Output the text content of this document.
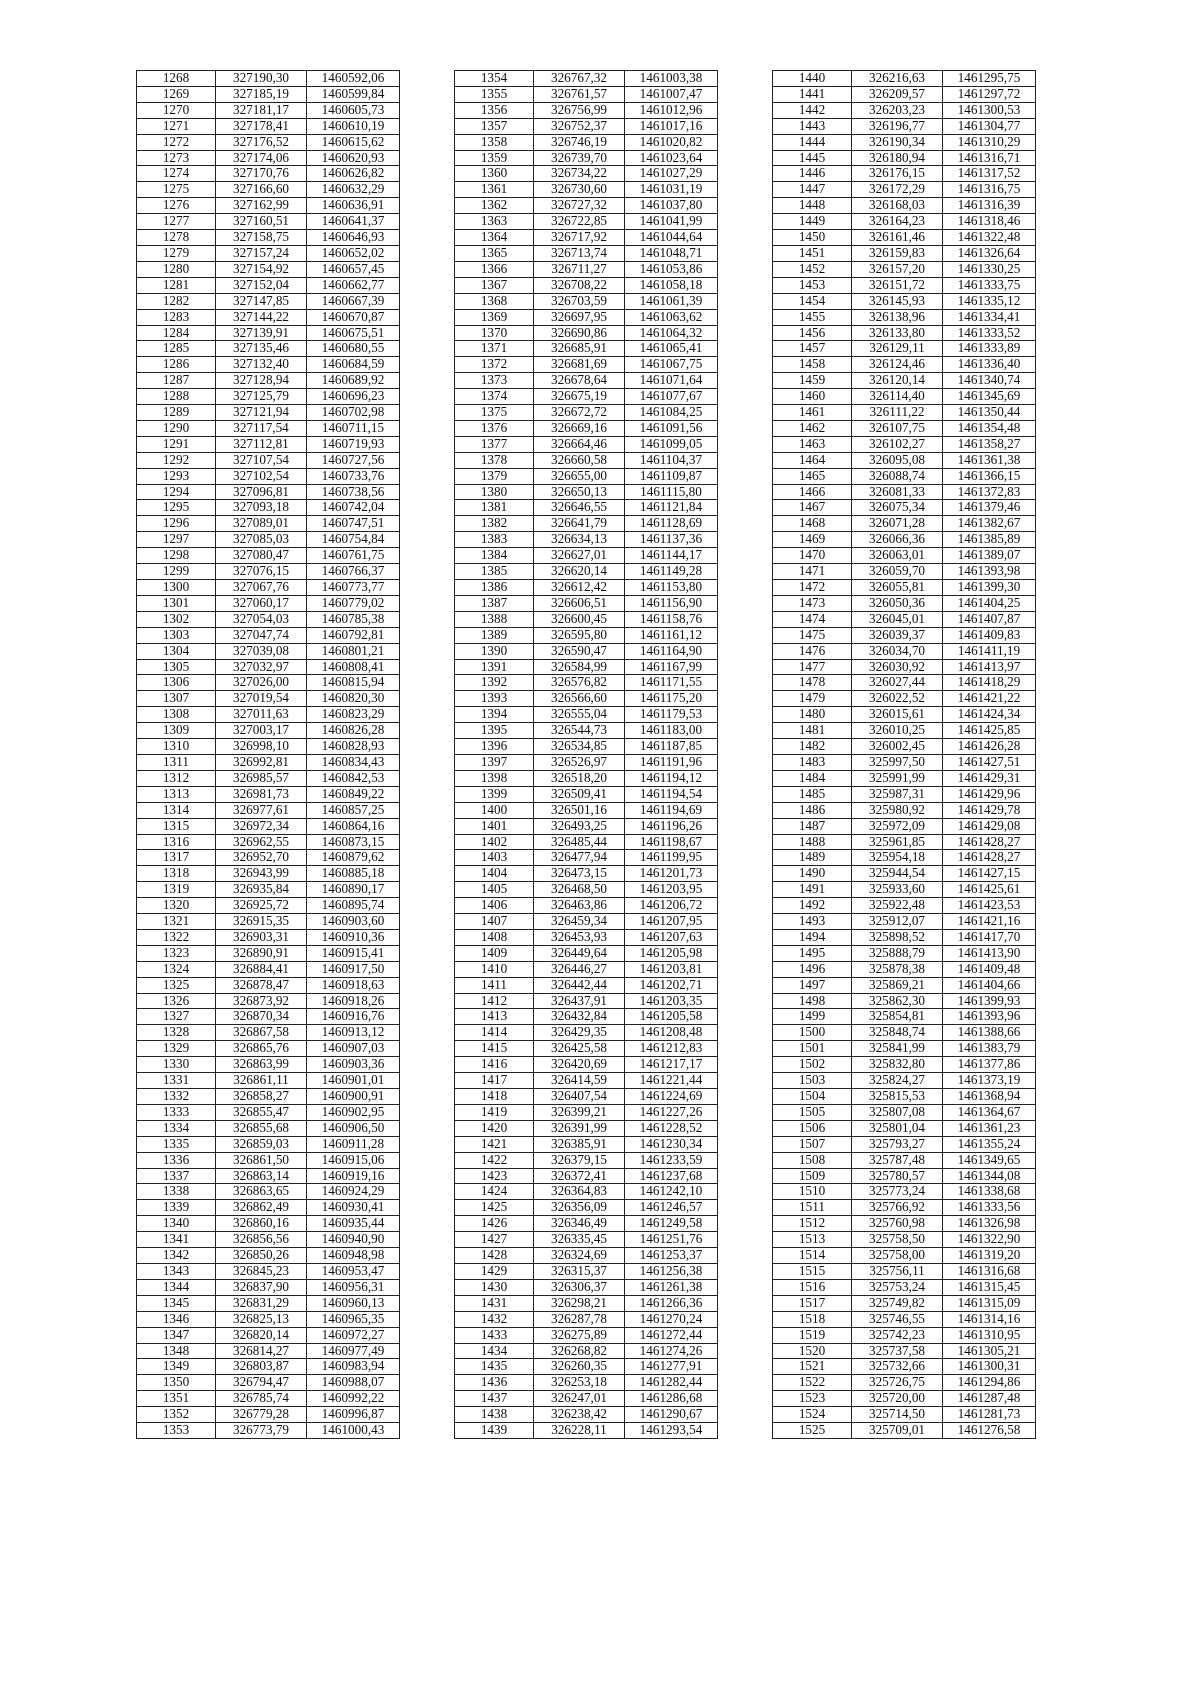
1268	327190,30	1460592,06
1269	327185,19	1460599,84
1270	327181,17	1460605,73
1271	327178,41	1460610,19
1272	327176,52	1460615,62
1273	327174,06	1460620,93
1274	327170,76	1460626,82
1275	327166,60	1460632,29
1276	327162,99	1460636,91
1277	327160,51	1460641,37
1278	327158,75	1460646,93
1279	327157,24	1460652,02
1280	327154,92	1460657,45
1281	327152,04	1460662,77
1282	327147,85	1460667,39
1283	327144,22	1460670,87
1284	327139,91	1460675,51
1285	327135,46	1460680,55
1286	327132,40	1460684,59
1287	327128,94	1460689,92
1288	327125,79	1460696,23
1289	327121,94	1460702,98
1290	327117,54	1460711,15
1291	327112,81	1460719,93
1292	327107,54	1460727,56
1293	327102,54	1460733,76
1294	327096,81	1460738,56
1295	327093,18	1460742,04
1296	327089,01	1460747,51
1297	327085,03	1460754,84
1298	327080,47	1460761,75
1299	327076,15	1460766,37
1300	327067,76	1460773,77
1301	327060,17	1460779,02
1302	327054,03	1460785,38
1303	327047,74	1460792,81
1304	327039,08	1460801,21
1305	327032,97	1460808,41
1306	327026,00	1460815,94
1307	327019,54	1460820,30
1308	327011,63	1460823,29
1309	327003,17	1460826,28
1310	326998,10	1460828,93
1311	326992,81	1460834,43
1312	326985,57	1460842,53
1313	326981,73	1460849,22
1314	326977,61	1460857,25
1315	326972,34	1460864,16
1316	326962,55	1460873,15
1317	326952,70	1460879,62
1318	326943,99	1460885,18
1319	326935,84	1460890,17
1320	326925,72	1460895,74
1321	326915,35	1460903,60
1322	326903,31	1460910,36
1323	326890,91	1460915,41
1324	326884,41	1460917,50
1325	326878,47	1460918,63
1326	326873,92	1460918,26
1327	326870,34	1460916,76
1328	326867,58	1460913,12
1329	326865,76	1460907,03
1330	326863,99	1460903,36
1331	326861,11	1460901,01
1332	326858,27	1460900,91
1333	326855,47	1460902,95
1334	326855,68	1460906,50
1335	326859,03	1460911,28
1336	326861,50	1460915,06
1337	326863,14	1460919,16
1338	326863,65	1460924,29
1339	326862,49	1460930,41
1340	326860,16	1460935,44
1341	326856,56	1460940,90
1342	326850,26	1460948,98
1343	326845,23	1460953,47
1344	326837,90	1460956,31
1345	326831,29	1460960,13
1346	326825,13	1460965,35
1347	326820,14	1460972,27
1348	326814,27	1460977,49
1349	326803,87	1460983,94
1350	326794,47	1460988,07
1351	326785,74	1460992,22
1352	326779,28	1460996,87
1353	326773,79	1461000,43
1354	326767,32	1461003,38
1355	326761,57	1461007,47
1356	326756,99	1461012,96
1357	326752,37	1461017,16
1358	326746,19	1461020,82
1359	326739,70	1461023,64
1360	326734,22	1461027,29
1361	326730,60	1461031,19
1362	326727,32	1461037,80
1363	326722,85	1461041,99
1364	326717,92	1461044,64
1365	326713,74	1461048,71
1366	326711,27	1461053,86
1367	326708,22	1461058,18
1368	326703,59	1461061,39
1369	326697,95	1461063,62
1370	326690,86	1461064,32
1371	326685,91	1461065,41
1372	326681,69	1461067,75
1373	326678,64	1461071,64
1374	326675,19	1461077,67
1375	326672,72	1461084,25
1376	326669,16	1461091,56
1377	326664,46	1461099,05
1378	326660,58	1461104,37
1379	326655,00	1461109,87
1380	326650,13	1461115,80
1381	326646,55	1461121,84
1382	326641,79	1461128,69
1383	326634,13	1461137,36
1384	326627,01	1461144,17
1385	326620,14	1461149,28
1386	326612,42	1461153,80
1387	326606,51	1461156,90
1388	326600,45	1461158,76
1389	326595,80	1461161,12
1390	326590,47	1461164,90
1391	326584,99	1461167,99
1392	326576,82	1461171,55
1393	326566,60	1461175,20
1394	326555,04	1461179,53
1395	326544,73	1461183,00
1396	326534,85	1461187,85
1397	326526,97	1461191,96
1398	326518,20	1461194,12
1399	326509,41	1461194,54
1400	326501,16	1461194,69
1401	326493,25	1461196,26
1402	326485,44	1461198,67
1403	326477,94	1461199,95
1404	326473,15	1461201,73
1405	326468,50	1461203,95
1406	326463,86	1461206,72
1407	326459,34	1461207,95
1408	326453,93	1461207,63
1409	326449,64	1461205,98
1410	326446,27	1461203,81
1411	326442,44	1461202,71
1412	326437,91	1461203,35
1413	326432,84	1461205,58
1414	326429,35	1461208,48
1415	326425,58	1461212,83
1416	326420,69	1461217,17
1417	326414,59	1461221,44
1418	326407,54	1461224,69
1419	326399,21	1461227,26
1420	326391,99	1461228,52
1421	326385,91	1461230,34
1422	326379,15	1461233,59
1423	326372,41	1461237,68
1424	326364,83	1461242,10
1425	326356,09	1461246,57
1426	326346,49	1461249,58
1427	326335,45	1461251,76
1428	326324,69	1461253,37
1429	326315,37	1461256,38
1430	326306,37	1461261,38
1431	326298,21	1461266,36
1432	326287,78	1461270,24
1433	326275,89	1461272,44
1434	326268,82	1461274,26
1435	326260,35	1461277,91
1436	326253,18	1461282,44
1437	326247,01	1461286,68
1438	326238,42	1461290,67
1439	326228,11	1461293,54
1440	326216,63	1461295,75
1441	326209,57	1461297,72
1442	326203,23	1461300,53
1443	326196,77	1461304,77
1444	326190,34	1461310,29
1445	326180,94	1461316,71
1446	326176,15	1461317,52
1447	326172,29	1461316,75
1448	326168,03	1461316,39
1449	326164,23	1461318,46
1450	326161,46	1461322,48
1451	326159,83	1461326,64
1452	326157,20	1461330,25
1453	326151,72	1461333,75
1454	326145,93	1461335,12
1455	326138,96	1461334,41
1456	326133,80	1461333,52
1457	326129,11	1461333,89
1458	326124,46	1461336,40
1459	326120,14	1461340,74
1460	326114,40	1461345,69
1461	326111,22	1461350,44
1462	326107,75	1461354,48
1463	326102,27	1461358,27
1464	326095,08	1461361,38
1465	326088,74	1461366,15
1466	326081,33	1461372,83
1467	326075,34	1461379,46
1468	326071,28	1461382,67
1469	326066,36	1461385,89
1470	326063,01	1461389,07
1471	326059,70	1461393,98
1472	326055,81	1461399,30
1473	326050,36	1461404,25
1474	326045,01	1461407,87
1475	326039,37	1461409,83
1476	326034,70	1461411,19
1477	326030,92	1461413,97
1478	326027,44	1461418,29
1479	326022,52	1461421,22
1480	326015,61	1461424,34
1481	326010,25	1461425,85
1482	326002,45	1461426,28
1483	325997,50	1461427,51
1484	325991,99	1461429,31
1485	325987,31	1461429,96
1486	325980,92	1461429,78
1487	325972,09	1461429,08
1488	325961,85	1461428,27
1489	325954,18	1461428,27
1490	325944,54	1461427,15
1491	325933,60	1461425,61
1492	325922,48	1461423,53
1493	325912,07	1461421,16
1494	325898,52	1461417,70
1495	325888,79	1461413,90
1496	325878,38	1461409,48
1497	325869,21	1461404,66
1498	325862,30	1461399,93
1499	325854,81	1461393,96
1500	325848,74	1461388,66
1501	325841,99	1461383,79
1502	325832,80	1461377,86
1503	325824,27	1461373,19
1504	325815,53	1461368,94
1505	325807,08	1461364,67
1506	325801,04	1461361,23
1507	325793,27	1461355,24
1508	325787,48	1461349,65
1509	325780,57	1461344,08
1510	325773,24	1461338,68
1511	325766,92	1461333,56
1512	325760,98	1461326,98
1513	325758,50	1461322,90
1514	325758,00	1461319,20
1515	325756,11	1461316,68
1516	325753,24	1461315,45
1517	325749,82	1461315,09
1518	325746,55	1461314,16
1519	325742,23	1461310,95
1520	325737,58	1461305,21
1521	325732,66	1461300,31
1522	325726,75	1461294,86
1523	325720,00	1461287,48
1524	325714,50	1461281,73
1525	325709,01	1461276,58
